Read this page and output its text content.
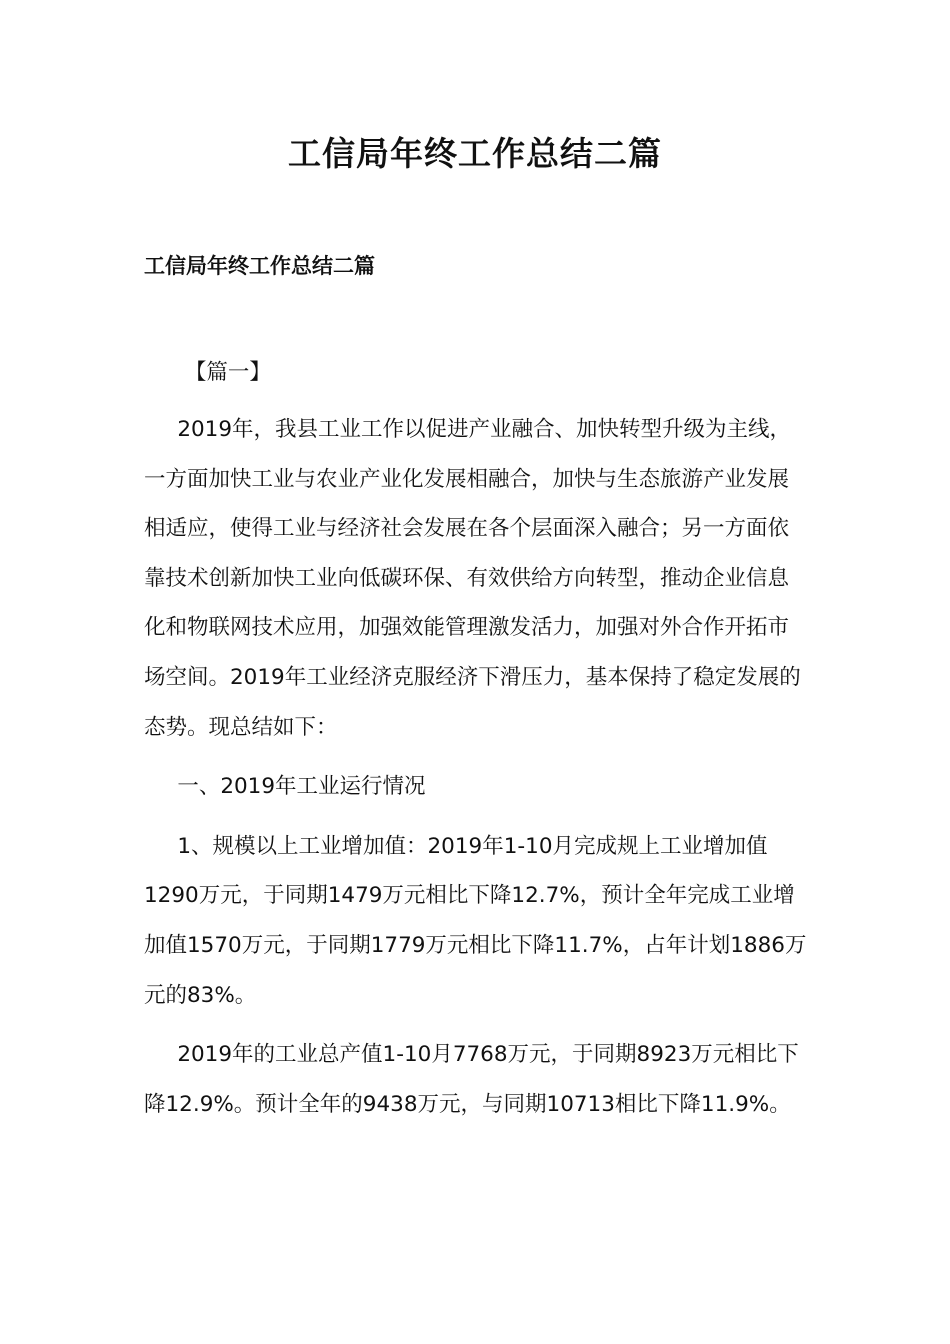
工信局年终工作总结二篇
工信局年终工作总结二篇

【篇一】

2019年，我县工业工作以促进产业融合、加快转型升级为主线，一方面加快工业与农业产业化发展相融合，加快与生态旅游产业发展相适应，使得工业与经济社会发展在各个层面深入融合；另一方面依靠技术创新加快工业向低碳环保、有效供给方向转型，推动企业信息化和物联网技术应用，加强效能管理激发活力，加强对外合作开拓市场空间。2019年工业经济克服经济下滑压力，基本保持了稳定发展的态势。现总结如下：

一、2019年工业运行情况

1、规模以上工业增加值：2019年1-10月完成规上工业增加值1290万元，于同期1479万元相比下降12.7%，预计全年完成工业增加值1570万元，于同期1779万元相比下降11.7%，占年计划1886万元的83%。

2019年的工业总产值1-10月7768万元，于同期8923万元相比下降12.9%。预计全年的9438万元，与同期10713相比下降11.9%。
